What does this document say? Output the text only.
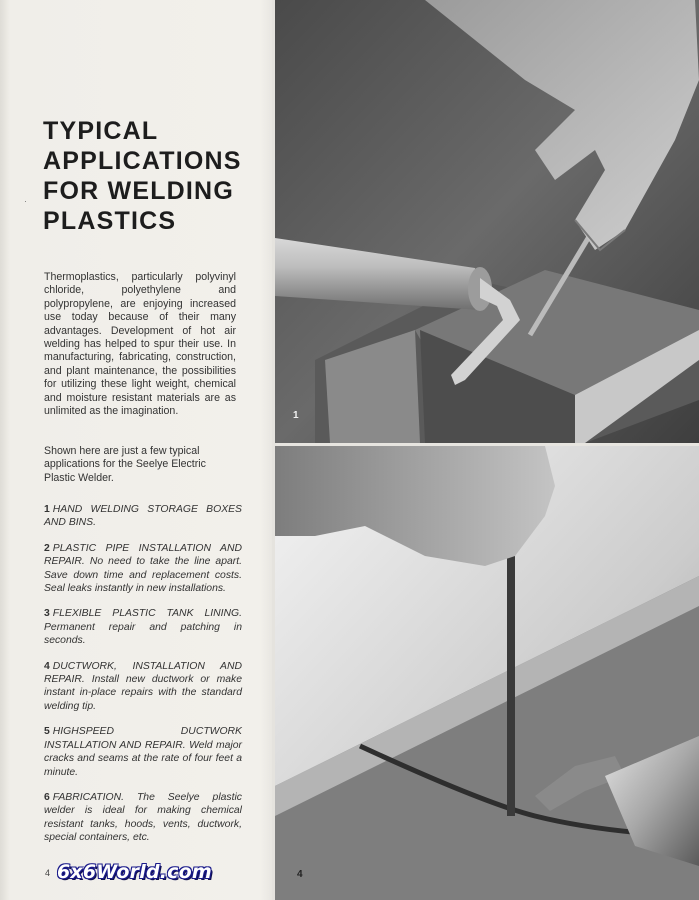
·
TYPICAL
APPLICATIONS
FOR WELDING
PLASTICS

Thermoplastics, particularly polyvinyl chloride, polyethylene and polypropylene, are enjoying increased use today because of their many advantages. Development of hot air welding has helped to spur their use. In manufacturing, fabricating, construction, and plant maintenance, the possibilities for utilizing these light weight, chemical and moisture resistant materials are as unlimited as the imagination.

Shown here are just a few typical applications for the Seelye Electric Plastic Welder.

1 HAND WELDING STORAGE BOXES AND BINS.
2 PLASTIC PIPE INSTALLATION AND REPAIR. No need to take the line apart. Save down time and replacement costs. Seal leaks instantly in new installations.
3 FLEXIBLE PLASTIC TANK LINING. Permanent repair and patching in seconds.
4 DUCTWORK, INSTALLATION AND REPAIR. Install new ductwork or make instant in-place repairs with the standard welding tip.
5 HIGHSPEED DUCTWORK INSTALLATION AND REPAIR. Weld major cracks and seams at the rate of four feet a minute.
6 FABRICATION. The Seelye plastic welder is ideal for making chemical resistant tanks, hoods, vents, ductwork, special containers, etc.
4 6x6World.com
1
4
